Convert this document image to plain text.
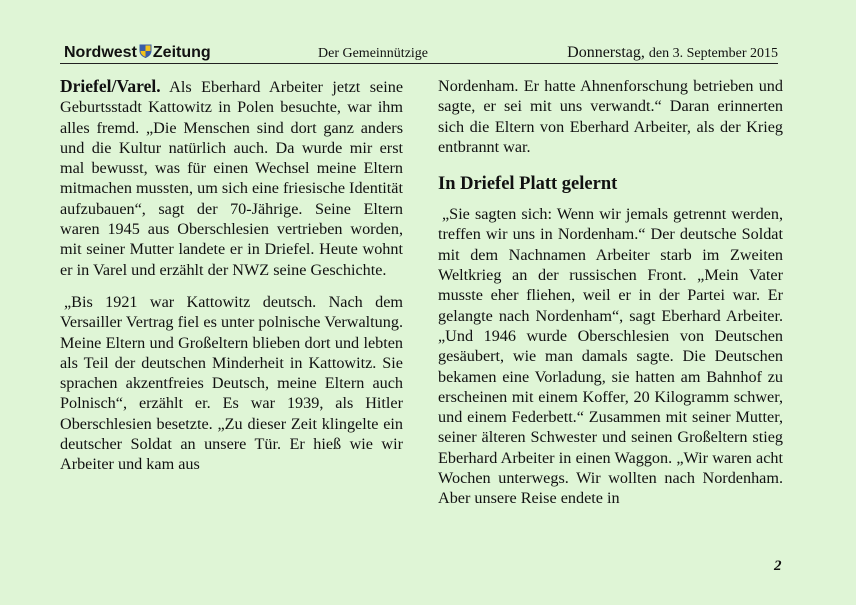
Nordwest Zeitung	Der Gemeinnützige	Donnerstag, den 3. September 2015

Driefel/Varel. Als Eberhard Arbeiter jetzt seine Geburtsstadt Kattowitz in Polen besuchte, war ihm alles fremd. „Die Menschen sind dort ganz anders und die Kultur natürlich auch. Da wurde mir erst mal bewusst, was für einen Wechsel meine Eltern mitmachen mussten, um sich eine friesische Identität aufzubauen“, sagt der 70-Jährige. Seine Eltern waren 1945 aus Oberschlesien vertrieben worden, mit seiner Mutter landete er in Driefel. Heute wohnt er in Varel und erzählt der NWZ seine Geschichte.

„Bis 1921 war Kattowitz deutsch. Nach dem Versailler Vertrag fiel es unter polnische Verwaltung. Meine Eltern und Großeltern blieben dort und lebten als Teil der deutschen Minderheit in Kattowitz. Sie sprachen akzentfreies Deutsch, meine Eltern auch Polnisch“, erzählt er. Es war 1939, als Hitler Oberschlesien besetzte. „Zu dieser Zeit klingelte ein deutscher Soldat an unsere Tür. Er hieß wie wir Arbeiter und kam aus

Nordenham. Er hatte Ahnenforschung betrieben und sagte, er sei mit uns verwandt.“ Daran erinnerten sich die Eltern von Eberhard Arbeiter, als der Krieg entbrannt war.

In Driefel Platt gelernt

„Sie sagten sich: Wenn wir jemals getrennt werden, treffen wir uns in Nordenham.“ Der deutsche Soldat mit dem Nachnamen Arbeiter starb im Zweiten Weltkrieg an der russischen Front. „Mein Vater musste eher fliehen, weil er in der Partei war. Er gelangte nach Nordenham“, sagt Eberhard Arbeiter. „Und 1946 wurde Oberschlesien von Deutschen gesäubert, wie man damals sagte. Die Deutschen bekamen eine Vorladung, sie hatten am Bahnhof zu erscheinen mit einem Koffer, 20 Kilogramm schwer, und einem Federbett.“ Zusammen mit seiner Mutter, seiner älteren Schwester und seinen Großeltern stieg Eberhard Arbeiter in einen Waggon. „Wir waren acht Wochen unterwegs. Wir wollten nach Nordenham. Aber unsere Reise endete in

2
